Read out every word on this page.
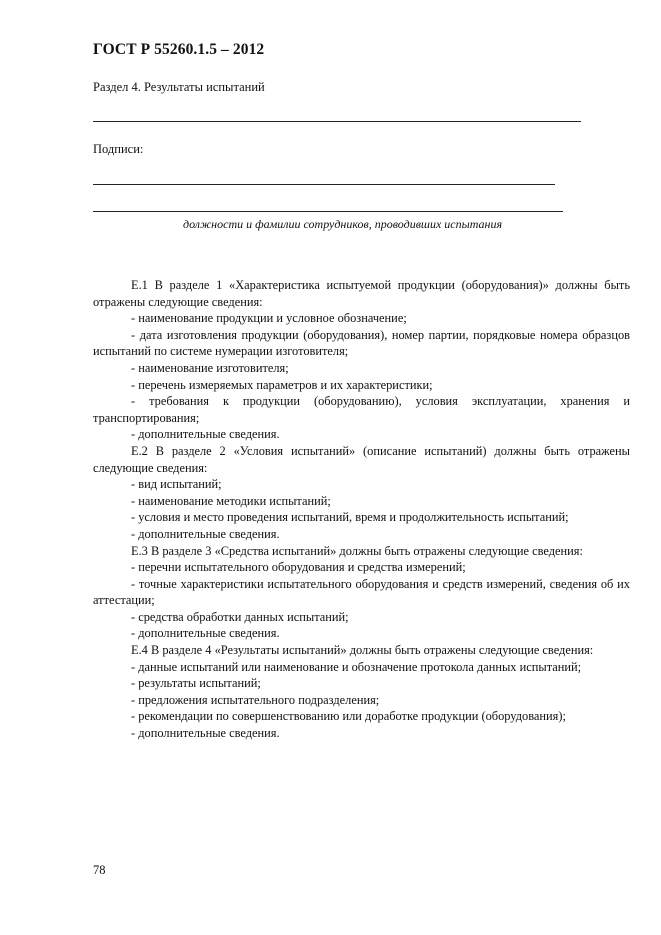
ГОСТ Р 55260.1.5 – 2012
Раздел 4. Результаты испытаний
Подписи:
должности и фамилии сотрудников, проводивших испытания

Е.1 В разделе 1 «Характеристика испытуемой продукции (оборудования)» должны быть отражены следующие сведения:

- наименование продукции и условное обозначение;

- дата изготовления продукции (оборудования), номер партии, порядковые номера образцов испытаний по системе нумерации изготовителя;

- наименование изготовителя;

- перечень измеряемых параметров и их характеристики;

- требования к продукции (оборудованию), условия эксплуатации, хранения и транспортирования;

- дополнительные сведения.

Е.2 В разделе 2 «Условия испытаний» (описание испытаний) должны быть отражены следующие сведения:

- вид испытаний;

- наименование методики испытаний;

- условия и место проведения испытаний, время и продолжительность испытаний;

- дополнительные сведения.

Е.3 В разделе 3 «Средства испытаний» должны быть отражены следующие сведения:

- перечни испытательного оборудования и средства измерений;

- точные характеристики испытательного оборудования и средств измерений, сведения об их аттестации;

- средства обработки данных испытаний;

- дополнительные сведения.

Е.4 В разделе 4 «Результаты испытаний» должны быть отражены следующие сведения:

- данные испытаний или наименование и обозначение протокола данных испытаний;

- результаты испытаний;

- предложения испытательного подразделения;

- рекомендации по совершенствованию или доработке продукции (оборудования);

- дополнительные сведения.

78
